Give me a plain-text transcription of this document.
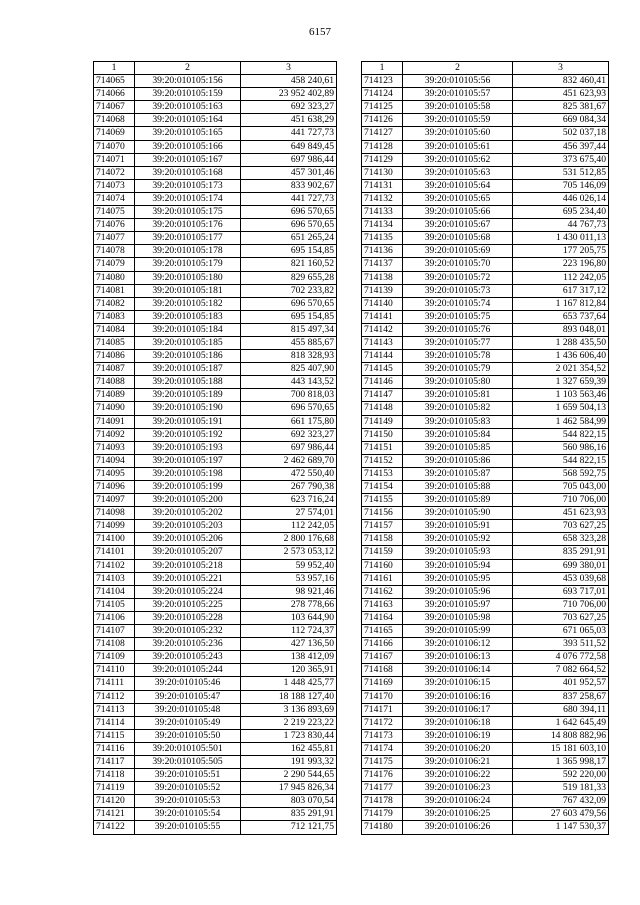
6157
1	2	3
714065	39:20:010105:156	458 240,61
714066	39:20:010105:159	23 952 402,89
714067	39:20:010105:163	692 323,27
714068	39:20:010105:164	451 638,29
714069	39:20:010105:165	441 727,73
714070	39:20:010105:166	649 849,45
714071	39:20:010105:167	697 986,44
714072	39:20:010105:168	457 301,46
714073	39:20:010105:173	833 902,67
714074	39:20:010105:174	441 727,73
714075	39:20:010105:175	696 570,65
714076	39:20:010105:176	696 570,65
714077	39:20:010105:177	651 265,24
714078	39:20:010105:178	695 154,85
714079	39:20:010105:179	821 160,52
714080	39:20:010105:180	829 655,28
714081	39:20:010105:181	702 233,82
714082	39:20:010105:182	696 570,65
714083	39:20:010105:183	695 154,85
714084	39:20:010105:184	815 497,34
714085	39:20:010105:185	455 885,67
714086	39:20:010105:186	818 328,93
714087	39:20:010105:187	825 407,90
714088	39:20:010105:188	443 143,52
714089	39:20:010105:189	700 818,03
714090	39:20:010105:190	696 570,65
714091	39:20:010105:191	661 175,80
714092	39:20:010105:192	692 323,27
714093	39:20:010105:193	697 986,44
714094	39:20:010105:197	2 462 689,70
714095	39:20:010105:198	472 550,40
714096	39:20:010105:199	267 790,38
714097	39:20:010105:200	623 716,24
714098	39:20:010105:202	27 574,01
714099	39:20:010105:203	112 242,05
714100	39:20:010105:206	2 800 176,68
714101	39:20:010105:207	2 573 053,12
714102	39:20:010105:218	59 952,40
714103	39:20:010105:221	53 957,16
714104	39:20:010105:224	98 921,46
714105	39:20:010105:225	278 778,66
714106	39:20:010105:228	103 644,90
714107	39:20:010105:232	112 724,37
714108	39:20:010105:236	427 136,50
714109	39:20:010105:243	138 412,09
714110	39:20:010105:244	120 365,91
714111	39:20:010105:46	1 448 425,77
714112	39:20:010105:47	18 188 127,40
714113	39:20:010105:48	3 136 893,69
714114	39:20:010105:49	2 219 223,22
714115	39:20:010105:50	1 723 830,44
714116	39:20:010105:501	162 455,81
714117	39:20:010105:505	191 993,32
714118	39:20:010105:51	2 290 544,65
714119	39:20:010105:52	17 945 826,34
714120	39:20:010105:53	803 070,54
714121	39:20:010105:54	835 291,91
714122	39:20:010105:55	712 121,75
1	2	3
714123	39:20:010105:56	832 460,41
714124	39:20:010105:57	451 623,93
714125	39:20:010105:58	825 381,67
714126	39:20:010105:59	669 084,34
714127	39:20:010105:60	502 037,18
714128	39:20:010105:61	456 397,44
714129	39:20:010105:62	373 675,40
714130	39:20:010105:63	531 512,85
714131	39:20:010105:64	705 146,09
714132	39:20:010105:65	446 026,14
714133	39:20:010105:66	695 234,40
714134	39:20:010105:67	44 767,73
714135	39:20:010105:68	1 430 011,13
714136	39:20:010105:69	177 205,75
714137	39:20:010105:70	223 196,80
714138	39:20:010105:72	112 242,05
714139	39:20:010105:73	617 317,12
714140	39:20:010105:74	1 167 812,84
714141	39:20:010105:75	653 737,64
714142	39:20:010105:76	893 048,01
714143	39:20:010105:77	1 288 435,50
714144	39:20:010105:78	1 436 606,40
714145	39:20:010105:79	2 021 354,52
714146	39:20:010105:80	1 327 659,39
714147	39:20:010105:81	1 103 563,46
714148	39:20:010105:82	1 659 504,13
714149	39:20:010105:83	1 462 584,99
714150	39:20:010105:84	544 822,15
714151	39:20:010105:85	560 986,16
714152	39:20:010105:86	544 822,15
714153	39:20:010105:87	568 592,75
714154	39:20:010105:88	705 043,00
714155	39:20:010105:89	710 706,00
714156	39:20:010105:90	451 623,93
714157	39:20:010105:91	703 627,25
714158	39:20:010105:92	658 323,28
714159	39:20:010105:93	835 291,91
714160	39:20:010105:94	699 380,01
714161	39:20:010105:95	453 039,68
714162	39:20:010105:96	693 717,01
714163	39:20:010105:97	710 706,00
714164	39:20:010105:98	703 627,25
714165	39:20:010105:99	671 065,03
714166	39:20:010106:12	393 511,52
714167	39:20:010106:13	4 076 772,58
714168	39:20:010106:14	7 082 664,52
714169	39:20:010106:15	401 952,57
714170	39:20:010106:16	837 258,67
714171	39:20:010106:17	680 394,11
714172	39:20:010106:18	1 642 645,49
714173	39:20:010106:19	14 808 882,96
714174	39:20:010106:20	15 181 603,10
714175	39:20:010106:21	1 365 998,17
714176	39:20:010106:22	592 220,00
714177	39:20:010106:23	519 181,33
714178	39:20:010106:24	767 432,09
714179	39:20:010106:25	27 603 479,56
714180	39:20:010106:26	1 147 530,37
